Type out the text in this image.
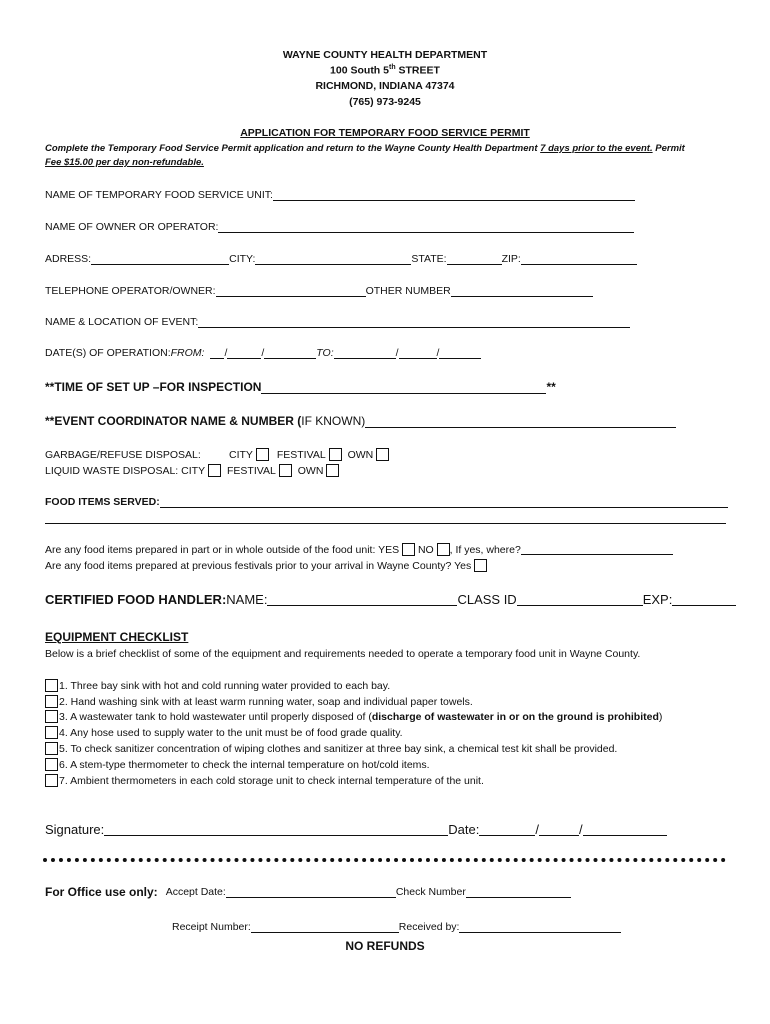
WAYNE COUNTY HEALTH DEPARTMENT
100 South 5th STREET
RICHMOND, INDIANA 47374
(765) 973-9245
APPLICATION FOR TEMPORARY FOOD SERVICE PERMIT
Complete the Temporary Food Service Permit application and return to the Wayne County Health Department 7 days prior to the event. Permit
Fee $15.00 per day non-refundable.
NAME OF TEMPORARY FOOD SERVICE UNIT:
NAME OF OWNER OR OPERATOR:
ADRESS:	CITY:	STATE:	ZIP:
TELEPHONE OPERATOR/OWNER:	OTHER NUMBER
NAME & LOCATION OF EVENT:
DATE(S) OF OPERATION: FROM: /	/	TO:	/	/
**TIME OF SET UP –FOR INSPECTION	**
**EVENT COORDINATOR NAME & NUMBER ( IF KNOWN)
GARBAGE/REFUSE DISPOSAL:	CITY
FESTIVAL
OWN

LIQUID WASTE DISPOSAL:
CITY
FESTIVAL
OWN

FOOD ITEMS SERVED:
Are any food items prepared in part or in whole outside of the food unit: YES

NO
, If yes, where?
Are any food items prepared at previous festivals prior to your arrival in Wayne County? Yes

CERTIFIED FOOD HANDLER: NAME:	CLASS ID	EXP:
EQUIPMENT CHECKLIST
Below is a brief checklist of some of the equipment and requirements needed to operate a temporary food unit in Wayne County.
1. Three bay sink with hot and cold running water provided to each bay.
2. Hand washing sink with at least warm running water, soap and individual paper towels.
3. A wastewater tank to hold wastewater until properly disposed of ( discharge of wastewater in or on the ground is prohibited )
4. Any hose used to supply water to the unit must be of food grade quality.
5. To check sanitizer concentration of wiping clothes and sanitizer at three bay sink, a chemical test kit shall be provided.
6. A stem-type thermometer to check the internal temperature on hot/cold items.
7. Ambient thermometers in each cold storage unit to check internal temperature of the unit.
Signature:	Date:	/	/
For Office use only: Accept Date:	Check Number
Receipt Number:	Received by:
NO REFUNDS
